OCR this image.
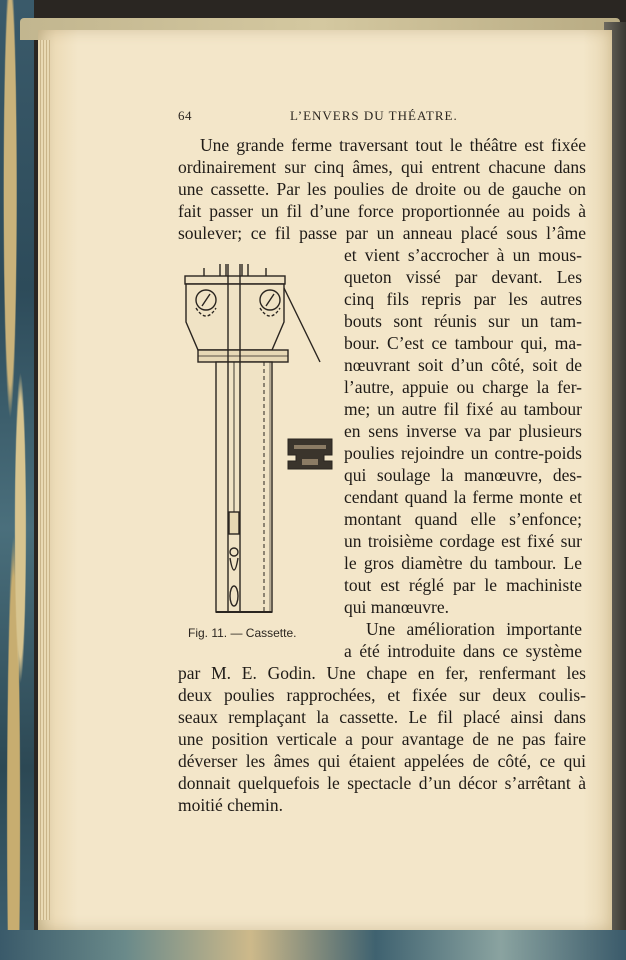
64	L’ENVERS DU THÉATRE.
Une grande ferme traversant tout le théâtre est fixée
ordinairement sur cinq âmes, qui entrent chacune dans
une cassette. Par les poulies de droite ou de gauche on
fait passer un fil d’une force proportionnée au poids à
soulever; ce fil passe par un anneau placé sous l’âme
et vient s’accrocher à un mous-
queton vissé par devant. Les
cinq fils repris par les autres
bouts sont réunis sur un tam-
bour. C’est ce tambour qui, ma-
nœuvrant soit d’un côté, soit de
l’autre, appuie ou charge la fer-
me; un autre fil fixé au tambour
en sens inverse va par plusieurs
poulies rejoindre un contre-poids
qui soulage la manœuvre, des-
cendant quand la ferme monte et
montant quand elle s’enfonce;
un troisième cordage est fixé sur
le gros diamètre du tambour. Le
tout est réglé par le machiniste
qui manœuvre.
Une amélioration importante
a été introduite dans ce système
par M. E. Godin. Une chape en fer, renfermant les
deux poulies rapprochées, et fixée sur deux coulis-
seaux remplaçant la cassette. Le fil placé ainsi dans
une position verticale a pour avantage de ne pas faire
déverser les âmes qui étaient appelées de côté, ce qui
donnait quelquefois le spectacle d’un décor s’arrêtant à
moitié chemin.
Fig. 11. — Cassette.
